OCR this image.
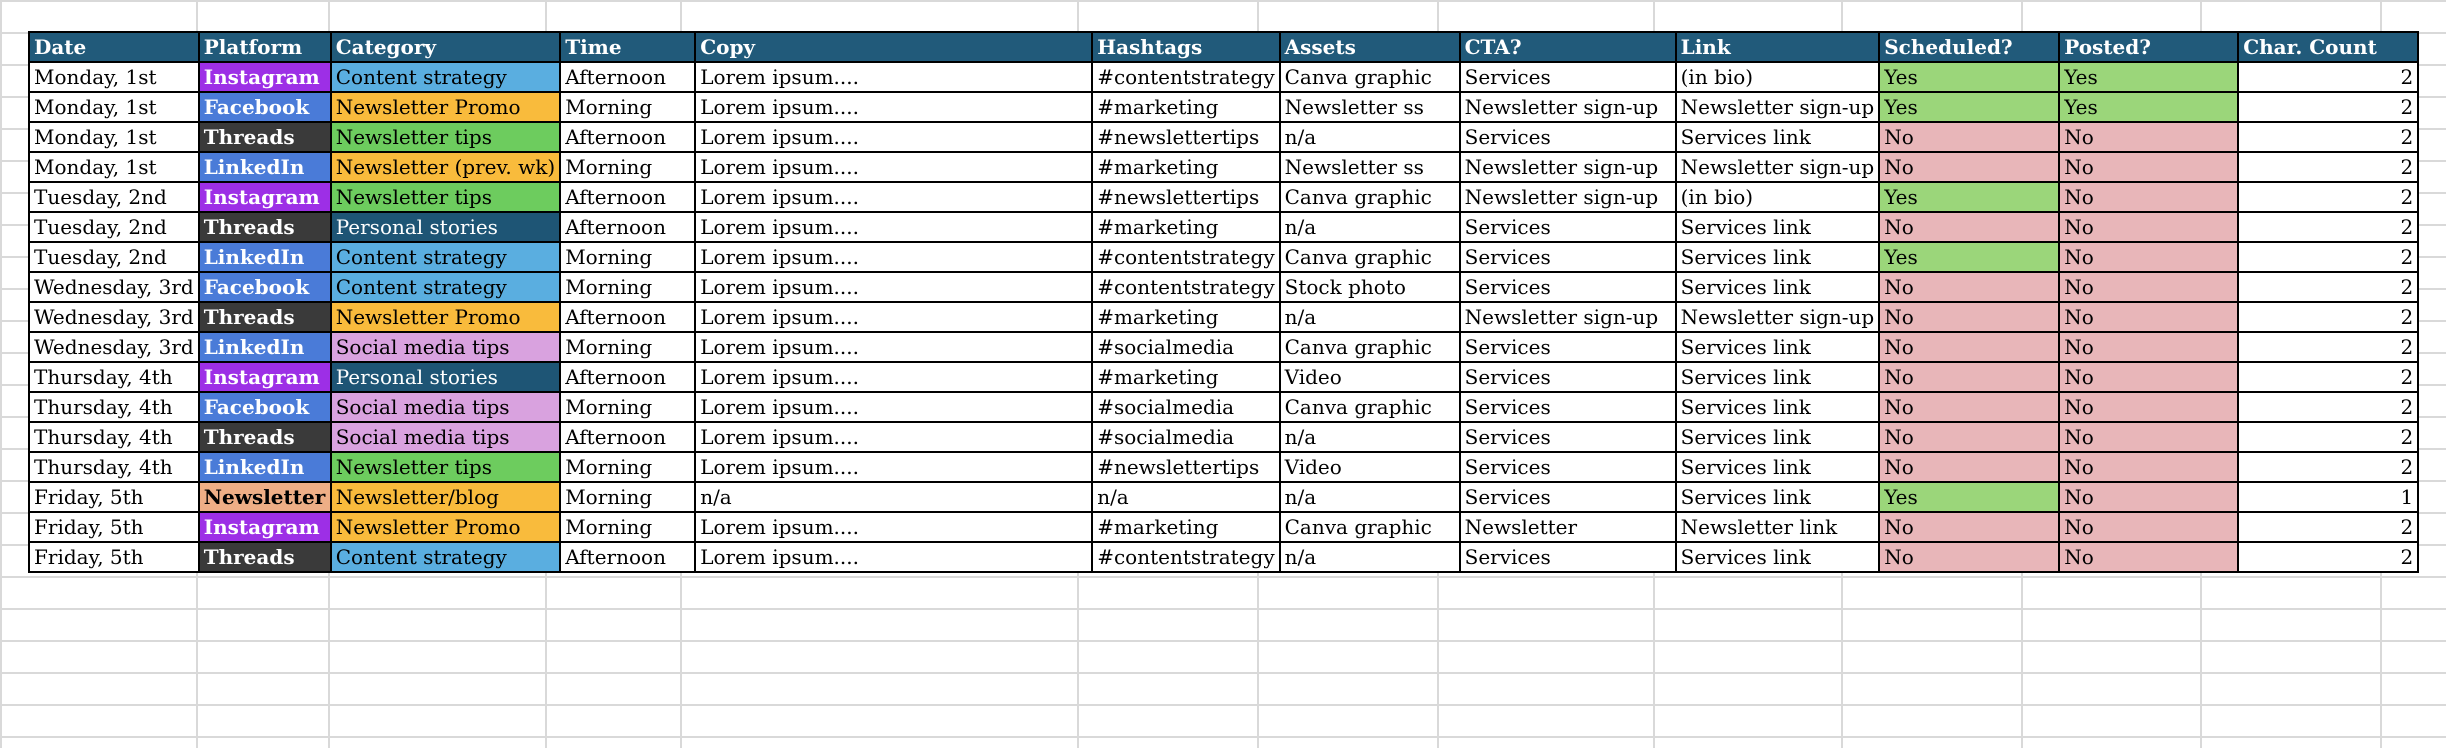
Date	Platform	Category	Time	Copy	Hashtags	Assets	CTA?	Link	Scheduled?	Posted?	Char. Count
Monday, 1st	Instagram	Content strategy	Afternoon	Lorem ipsum....	#contentstrategy	Canva graphic	Services	(in bio)	Yes	Yes	2
Monday, 1st	Facebook	Newsletter Promo	Morning	Lorem ipsum....	#marketing	Newsletter ss	Newsletter sign-up	Newsletter sign-up	Yes	Yes	2
Monday, 1st	Threads	Newsletter tips	Afternoon	Lorem ipsum....	#newslettertips	n/a	Services	Services link	No	No	2
Monday, 1st	LinkedIn	Newsletter (prev. wk)	Morning	Lorem ipsum....	#marketing	Newsletter ss	Newsletter sign-up	Newsletter sign-up	No	No	2
Tuesday, 2nd	Instagram	Newsletter tips	Afternoon	Lorem ipsum....	#newslettertips	Canva graphic	Newsletter sign-up	(in bio)	Yes	No	2
Tuesday, 2nd	Threads	Personal stories	Afternoon	Lorem ipsum....	#marketing	n/a	Services	Services link	No	No	2
Tuesday, 2nd	LinkedIn	Content strategy	Morning	Lorem ipsum....	#contentstrategy	Canva graphic	Services	Services link	Yes	No	2
Wednesday, 3rd	Facebook	Content strategy	Morning	Lorem ipsum....	#contentstrategy	Stock photo	Services	Services link	No	No	2
Wednesday, 3rd	Threads	Newsletter Promo	Afternoon	Lorem ipsum....	#marketing	n/a	Newsletter sign-up	Newsletter sign-up	No	No	2
Wednesday, 3rd	LinkedIn	Social media tips	Morning	Lorem ipsum....	#socialmedia	Canva graphic	Services	Services link	No	No	2
Thursday, 4th	Instagram	Personal stories	Afternoon	Lorem ipsum....	#marketing	Video	Services	Services link	No	No	2
Thursday, 4th	Facebook	Social media tips	Morning	Lorem ipsum....	#socialmedia	Canva graphic	Services	Services link	No	No	2
Thursday, 4th	Threads	Social media tips	Afternoon	Lorem ipsum....	#socialmedia	n/a	Services	Services link	No	No	2
Thursday, 4th	LinkedIn	Newsletter tips	Morning	Lorem ipsum....	#newslettertips	Video	Services	Services link	No	No	2
Friday, 5th	Newsletter	Newsletter/blog	Morning	n/a	n/a	n/a	Services	Services link	Yes	No	1
Friday, 5th	Instagram	Newsletter Promo	Morning	Lorem ipsum....	#marketing	Canva graphic	Newsletter	Newsletter link	No	No	2
Friday, 5th	Threads	Content strategy	Afternoon	Lorem ipsum....	#contentstrategy	n/a	Services	Services link	No	No	2
